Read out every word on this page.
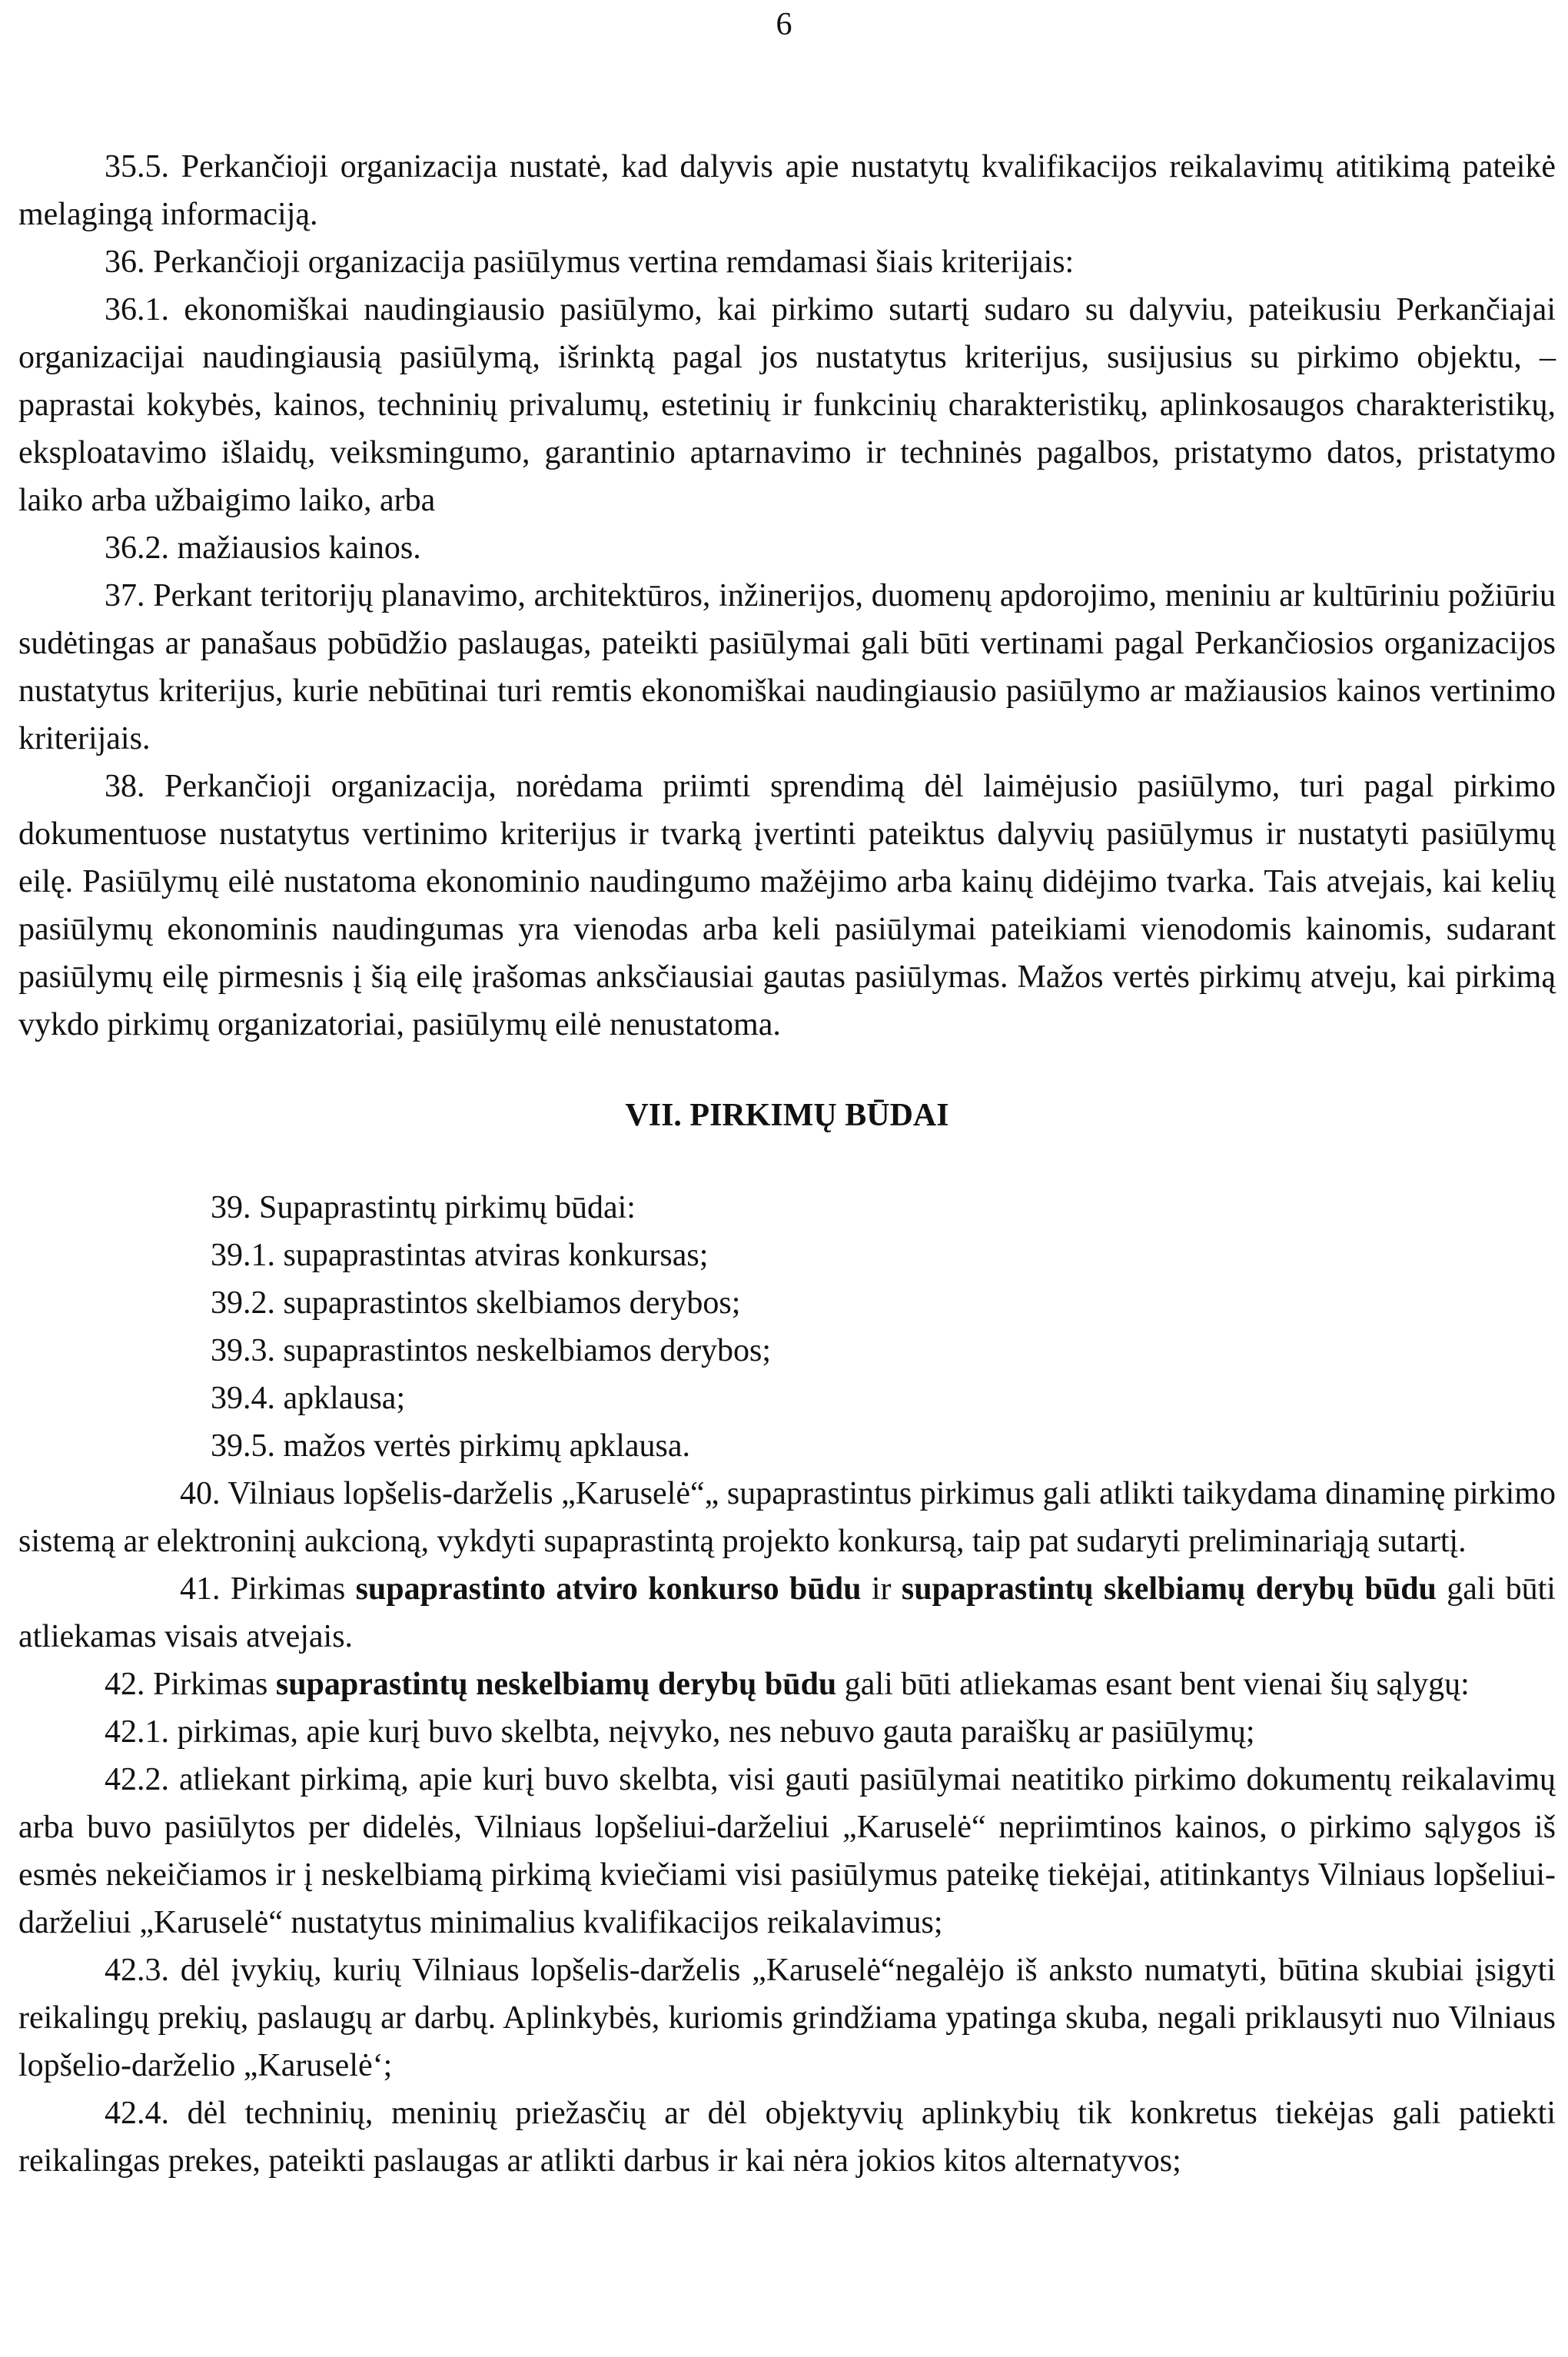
6

35.5. Perkančioji organizacija nustatė, kad dalyvis apie nustatytų kvalifikacijos reikalavimų atitikimą pateikė melagingą informaciją.

36. Perkančioji organizacija pasiūlymus vertina remdamasi šiais kriterijais:

36.1. ekonomiškai naudingiausio pasiūlymo, kai pirkimo sutartį sudaro su dalyviu, pateikusiu Perkančiajai organizacijai naudingiausią pasiūlymą, išrinktą pagal jos nustatytus kriterijus, susijusius su pirkimo objektu, – paprastai kokybės, kainos, techninių privalumų, estetinių ir funkcinių charakteristikų, aplinkosaugos charakteristikų, eksploatavimo išlaidų, veiksmingumo, garantinio aptarnavimo ir techninės pagalbos, pristatymo datos, pristatymo laiko arba užbaigimo laiko, arba

36.2. mažiausios kainos.

37. Perkant teritorijų planavimo, architektūros, inžinerijos, duomenų apdorojimo, meniniu ar kultūriniu požiūriu sudėtingas ar panašaus pobūdžio paslaugas, pateikti pasiūlymai gali būti vertinami pagal Perkančiosios organizacijos nustatytus kriterijus, kurie nebūtinai turi remtis ekonomiškai naudingiausio pasiūlymo ar mažiausios kainos vertinimo kriterijais.

38. Perkančioji organizacija, norėdama priimti sprendimą dėl laimėjusio pasiūlymo, turi pagal pirkimo dokumentuose nustatytus vertinimo kriterijus ir tvarką įvertinti pateiktus dalyvių pasiūlymus ir nustatyti pasiūlymų eilę. Pasiūlymų eilė nustatoma ekonominio naudingumo mažėjimo arba kainų didėjimo tvarka. Tais atvejais, kai kelių pasiūlymų ekonominis naudingumas yra vienodas arba keli pasiūlymai pateikiami vienodomis kainomis, sudarant pasiūlymų eilę pirmesnis į šią eilę įrašomas anksčiausiai gautas pasiūlymas. Mažos vertės pirkimų atveju, kai pirkimą vykdo pirkimų organizatoriai, pasiūlymų eilė nenustatoma.

VII. PIRKIMŲ BŪDAI

39. Supaprastintų pirkimų būdai:

39.1. supaprastintas atviras konkursas;

39.2. supaprastintos skelbiamos derybos;

39.3. supaprastintos neskelbiamos derybos;

39.4. apklausa;

39.5. mažos vertės pirkimų apklausa.

40. Vilniaus lopšelis-darželis „Karuselė“„ supaprastintus pirkimus gali atlikti taikydama dinaminę pirkimo sistemą ar elektroninį aukcioną, vykdyti supaprastintą projekto konkursą, taip pat sudaryti preliminariąją sutartį.

41. Pirkimas supaprastinto atviro konkurso būdu ir supaprastintų skelbiamų derybų būdu gali būti atliekamas visais atvejais.

42. Pirkimas supaprastintų neskelbiamų derybų būdu gali būti atliekamas esant bent vienai šių sąlygų:

42.1. pirkimas, apie kurį buvo skelbta, neįvyko, nes nebuvo gauta paraiškų ar pasiūlymų;

42.2. atliekant pirkimą, apie kurį buvo skelbta, visi gauti pasiūlymai neatitiko pirkimo dokumentų reikalavimų arba buvo pasiūlytos per didelės, Vilniaus lopšeliui-darželiui „Karuselė“ nepriimtinos kainos, o pirkimo sąlygos iš esmės nekeičiamos ir į neskelbiamą pirkimą kviečiami visi pasiūlymus pateikę tiekėjai, atitinkantys Vilniaus lopšeliui-darželiui „Karuselė“ nustatytus minimalius kvalifikacijos reikalavimus;

42.3. dėl įvykių, kurių Vilniaus lopšelis-darželis „Karuselė“negalėjo iš anksto numatyti, būtina skubiai įsigyti reikalingų prekių, paslaugų ar darbų. Aplinkybės, kuriomis grindžiama ypatinga skuba, negali priklausyti nuo Vilniaus lopšelio-darželio „Karuselė‘;

42.4. dėl techninių, meninių priežasčių ar dėl objektyvių aplinkybių tik konkretus tiekėjas gali patiekti reikalingas prekes, pateikti paslaugas ar atlikti darbus ir kai nėra jokios kitos alternatyvos;
